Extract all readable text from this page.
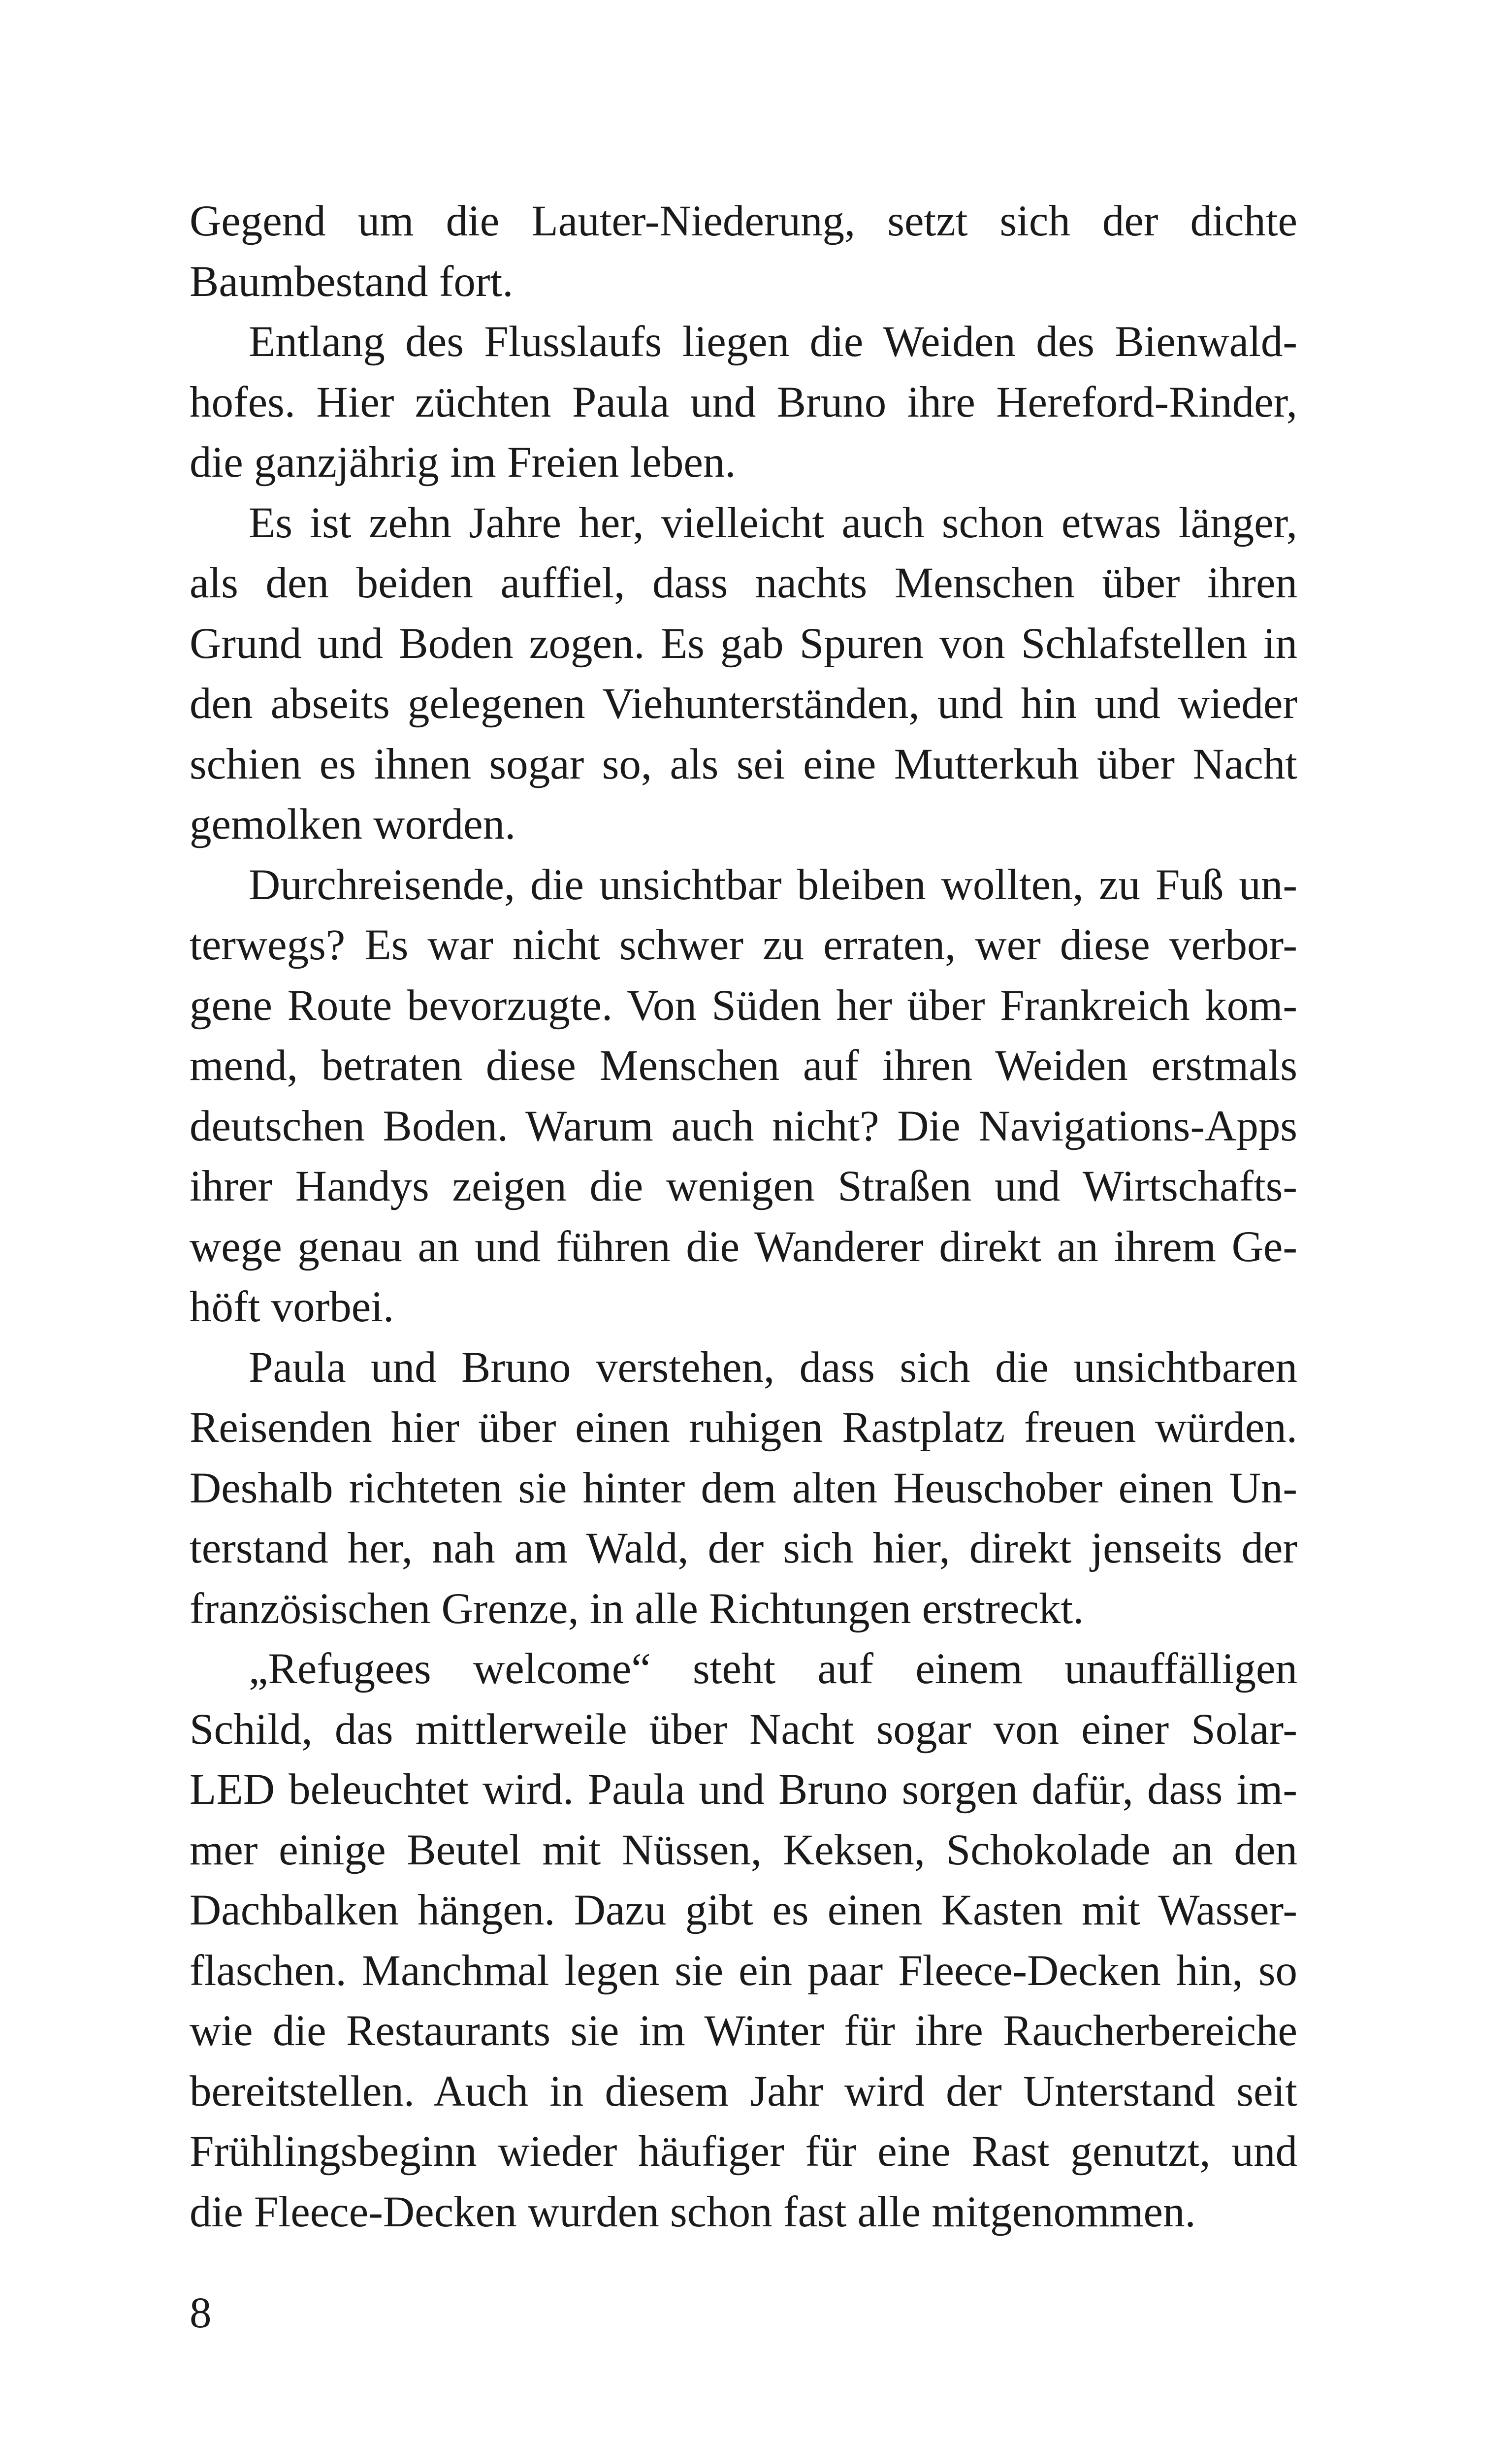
Gegend um die Lauter-Niederung, setzt sich der dichte
Baumbestand fort.
Entlang des Flusslaufs liegen die Weiden des Bienwald-
hofes. Hier züchten Paula und Bruno ihre Hereford-Rinder,
die ganzjährig im Freien leben.
Es ist zehn Jahre her, vielleicht auch schon etwas länger,
als den beiden auffiel, dass nachts Menschen über ihren
Grund und Boden zogen. Es gab Spuren von Schlafstellen in
den abseits gelegenen Viehunterständen, und hin und wieder
schien es ihnen sogar so, als sei eine Mutterkuh über Nacht
gemolken worden.
Durchreisende, die unsichtbar bleiben wollten, zu Fuß un-
terwegs? Es war nicht schwer zu erraten, wer diese verbor-
gene Route bevorzugte. Von Süden her über Frankreich kom-
mend, betraten diese Menschen auf ihren Weiden erstmals
deutschen Boden. Warum auch nicht? Die Navigations-Apps
ihrer Handys zeigen die wenigen Straßen und Wirtschafts-
wege genau an und führen die Wanderer direkt an ihrem Ge-
höft vorbei.
Paula und Bruno verstehen, dass sich die unsichtbaren
Reisenden hier über einen ruhigen Rastplatz freuen würden.
Deshalb richteten sie hinter dem alten Heuschober einen Un-
terstand her, nah am Wald, der sich hier, direkt jenseits der
französischen Grenze, in alle Richtungen erstreckt.
„Refugees welcome“ steht auf einem unauffälligen
Schild, das mittlerweile über Nacht sogar von einer Solar-
LED beleuchtet wird. Paula und Bruno sorgen dafür, dass im-
mer einige Beutel mit Nüssen, Keksen, Schokolade an den
Dachbalken hängen. Dazu gibt es einen Kasten mit Wasser-
flaschen. Manchmal legen sie ein paar Fleece-Decken hin, so
wie die Restaurants sie im Winter für ihre Raucherbereiche
bereitstellen. Auch in diesem Jahr wird der Unterstand seit
Frühlingsbeginn wieder häufiger für eine Rast genutzt, und
die Fleece-Decken wurden schon fast alle mitgenommen.
8
